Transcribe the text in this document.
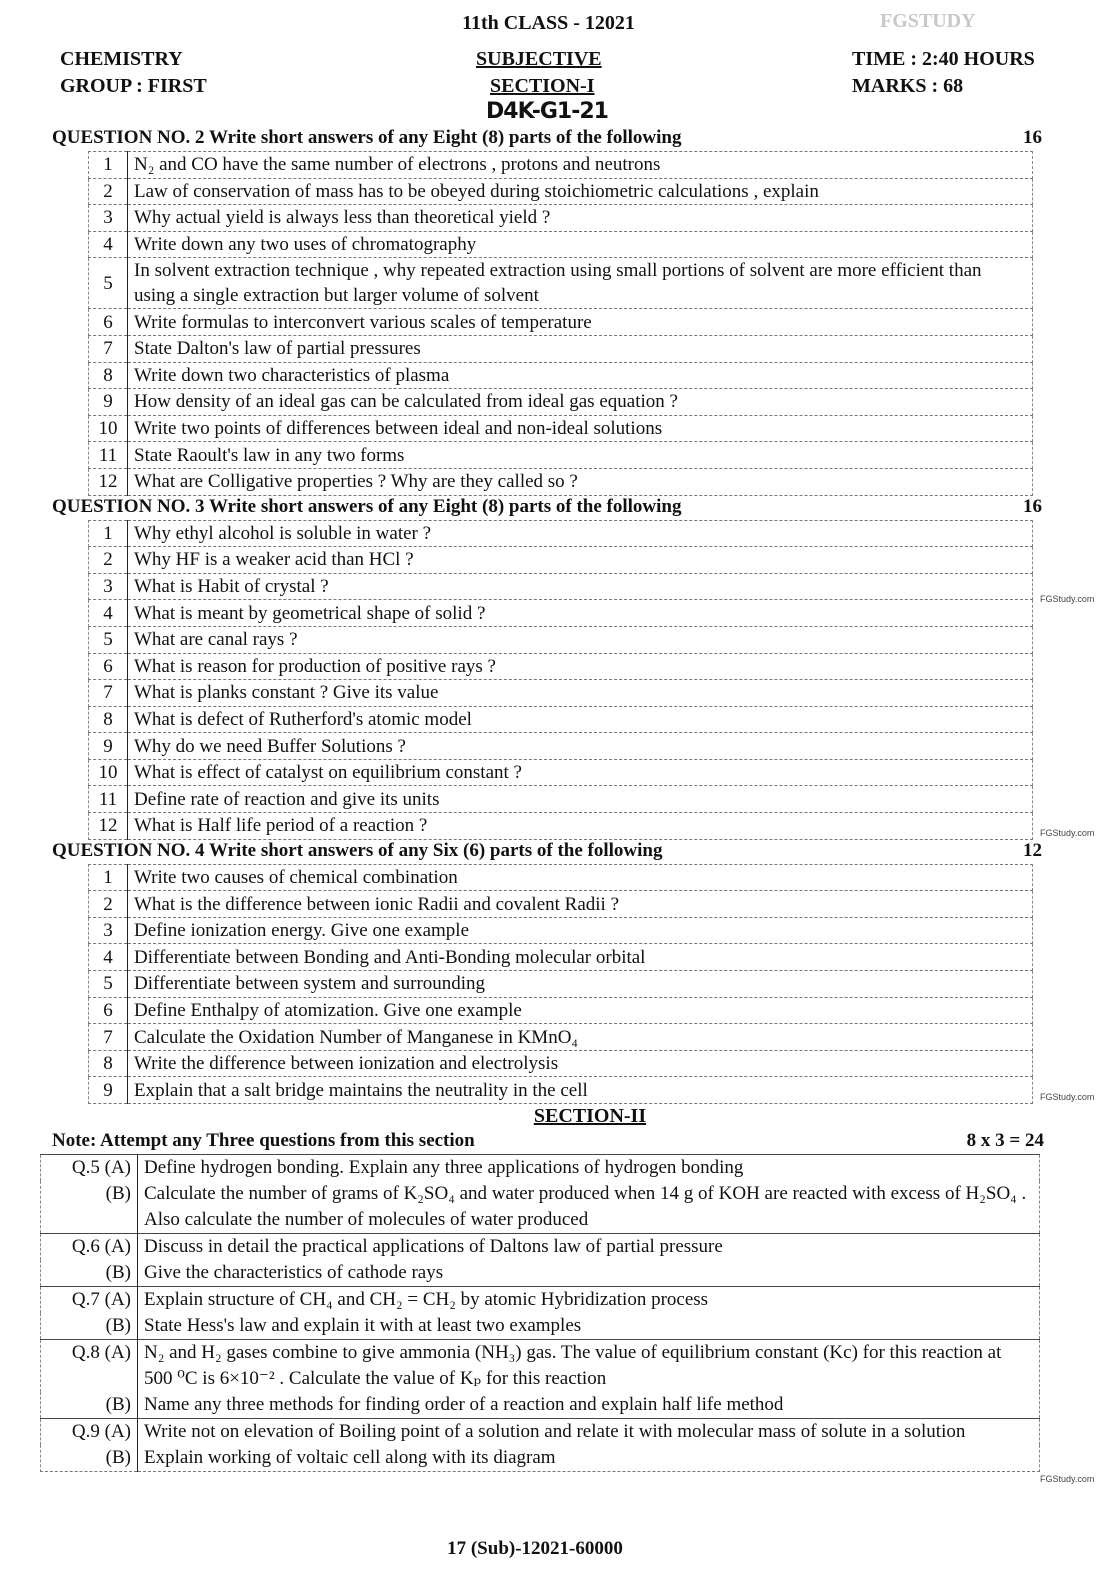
11th CLASS - 12021
CHEMISTRY
GROUP : FIRST
SUBJECTIVE
SECTION-I
TIME : 2:40 HOURS
MARKS : 68
D4K-G1-21
FGSTUDY
QUESTION NO. 2 Write short answers of any Eight (8) parts of the following	16
1	N₂ and CO have the same number of electrons , protons and neutrons
2	Law of conservation of mass has to be obeyed during stoichiometric calculations , explain
3	Why actual yield is always less than theoretical yield ?
4	Write down any two uses of chromatography
5	In solvent extraction technique , why repeated extraction using small portions of solvent are more efficient than using a single extraction but larger volume of solvent
6	Write formulas to interconvert various scales of temperature
7	State Dalton's law of partial pressures
8	Write down two characteristics of plasma
9	How density of an ideal gas can be calculated from ideal gas equation ?
10	Write two points of differences between ideal and non-ideal solutions
11	State Raoult's law in any two forms
12	What are Colligative properties ? Why are they called so ?
QUESTION NO. 3 Write short answers of any Eight (8) parts of the following	16
1	Why ethyl alcohol is soluble in water ?
2	Why HF is a weaker acid than HCl ?
3	What is Habit of crystal ?
4	What is meant by geometrical shape of solid ?
5	What are canal rays ?
6	What is reason for production of positive rays ?
7	What is planks constant ? Give its value
8	What is defect of Rutherford's atomic model
9	Why do we need Buffer Solutions ?
10	What is effect of catalyst on equilibrium constant ?
11	Define rate of reaction and give its units
12	What is Half life period of a reaction ?
QUESTION NO. 4 Write short answers of any Six (6) parts of the following	12
1	Write two causes of chemical combination
2	What is the difference between ionic Radii and covalent Radii ?
3	Define ionization energy. Give one example
4	Differentiate between Bonding and Anti-Bonding molecular orbital
5	Differentiate between system and surrounding
6	Define Enthalpy of atomization. Give one example
7	Calculate the Oxidation Number of Manganese in KMnO₄
8	Write the difference between ionization and electrolysis
9	Explain that a salt bridge maintains the neutrality in the cell
SECTION-II
Note: Attempt any Three questions from this section	8 x 3 = 24
Q.5 (A)	Define hydrogen bonding. Explain any three applications of hydrogen bonding
(B)	Calculate the number of grams of K₂SO₄ and water produced when 14 g of KOH are reacted with excess of H₂SO₄ . Also calculate the number of molecules of water produced
Q.6 (A)	Discuss in detail the practical applications of Daltons law of partial pressure
(B)	Give the characteristics of cathode rays
Q.7 (A)	Explain structure of CH₄ and CH₂ = CH₂ by atomic Hybridization process
(B)	State Hess's law and explain it with at least two examples
Q.8 (A)	N₂ and H₂ gases combine to give ammonia (NH₃) gas. The value of equilibrium constant (Kc) for this reaction at 500 ⁰C is 6×10⁻² . Calculate the value of Kₚ for this reaction
(B)	Name any three methods for finding order of a reaction and explain half life method
Q.9 (A)	Write not on elevation of Boiling point of a solution and relate it with molecular mass of solute in a solution
(B)	Explain working of voltaic cell along with its diagram
FGStudy.com
FGStudy.com
FGStudy.com
FGStudy.com
17 (Sub)-12021-60000
